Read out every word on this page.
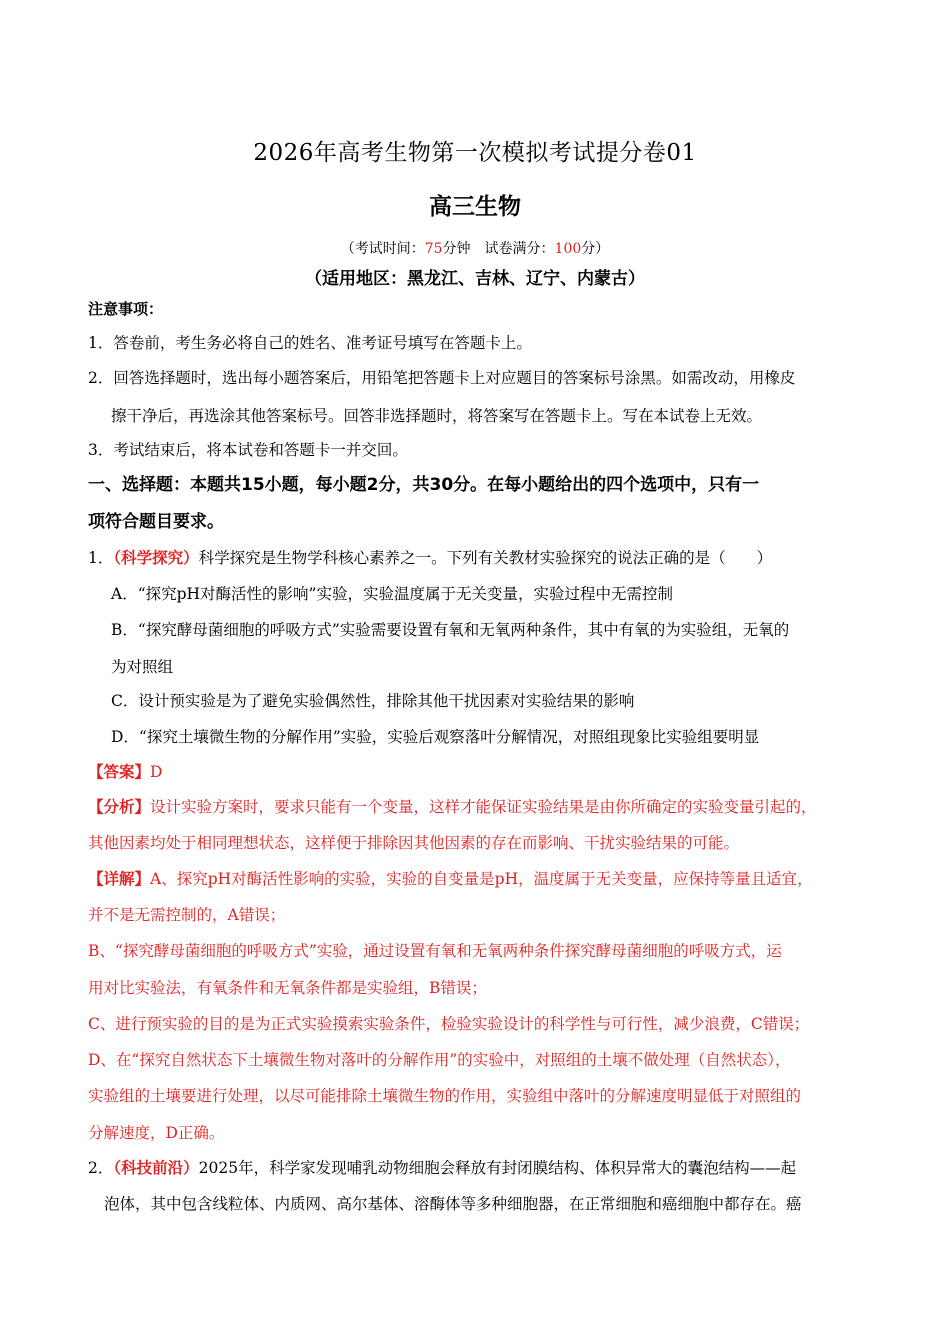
2026年高考生物第一次模拟考试提分卷01
高三生物
（考试时间：75分钟　试卷满分：100分）
（适用地区：黑龙江、吉林、辽宁、内蒙古）
注意事项：
1．答卷前，考生务必将自己的姓名、准考证号填写在答题卡上。
2．回答选择题时，选出每小题答案后，用铅笔把答题卡上对应题目的答案标号涂黑。如需改动，用橡皮
擦干净后，再选涂其他答案标号。回答非选择题时，将答案写在答题卡上。写在本试卷上无效。
3．考试结束后，将本试卷和答题卡一并交回。
一、选择题：本题共15小题，每小题2分，共30分。在每小题给出的四个选项中，只有一
项符合题目要求。
1．（科学探究）科学探究是生物学科核心素养之一。下列有关教材实验探究的说法正确的是（　　）
A．“探究pH对酶活性的影响”实验，实验温度属于无关变量，实验过程中无需控制
B．“探究酵母菌细胞的呼吸方式”实验需要设置有氧和无氧两种条件，其中有氧的为实验组，无氧的
为对照组
C．设计预实验是为了避免实验偶然性，排除其他干扰因素对实验结果的影响
D．“探究土壤微生物的分解作用”实验，实验后观察落叶分解情况，对照组现象比实验组要明显
【答案】D
【分析】设计实验方案时，要求只能有一个变量，这样才能保证实验结果是由你所确定的实验变量引起的，
其他因素均处于相同理想状态，这样便于排除因其他因素的存在而影响、干扰实验结果的可能。
【详解】A、探究pH对酶活性影响的实验，实验的自变量是pH，温度属于无关变量，应保持等量且适宜，
并不是无需控制的，A错误；
B、“探究酵母菌细胞的呼吸方式”实验，通过设置有氧和无氧两种条件探究酵母菌细胞的呼吸方式，运
用对比实验法，有氧条件和无氧条件都是实验组，B错误；
C、进行预实验的目的是为正式实验摸索实验条件，检验实验设计的科学性与可行性，减少浪费，C错误；
D、在“探究自然状态下土壤微生物对落叶的分解作用”的实验中，对照组的土壤不做处理（自然状态），
实验组的土壤要进行处理，以尽可能排除土壤微生物的作用，实验组中落叶的分解速度明显低于对照组的
分解速度，D正确。
2．（科技前沿）2025年，科学家发现哺乳动物细胞会释放有封闭膜结构、体积异常大的囊泡结构——起
泡体，其中包含线粒体、内质网、高尔基体、溶酶体等多种细胞器，在正常细胞和癌细胞中都存在。癌
